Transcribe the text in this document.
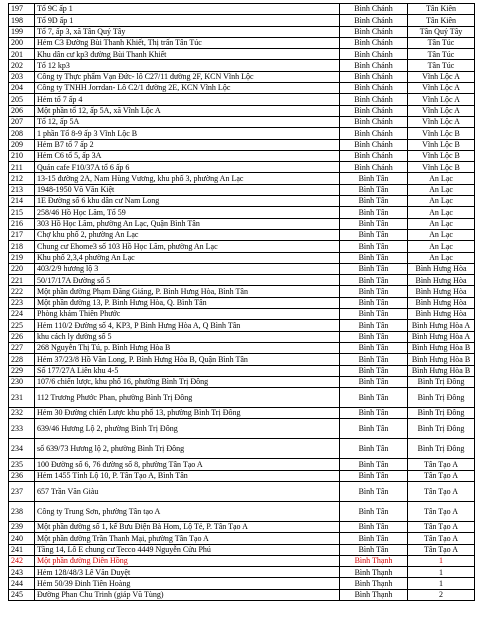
197	Tổ 9C ấp 1	Bình Chánh	Tân Kiên
198	Tổ 9D ấp 1	Bình Chánh	Tân Kiên
199	Tổ 7, ấp 3, xã Tân Quý Tây	Bình Chánh	Tân Quý Tây
200	Hẻm C3 Đường Bùi Thanh Khiết, Thị trấn Tân Túc	Bình Chánh	Tân Túc
201	Khu dân cư kp3 đường Bùi Thanh Khiết	Bình Chánh	Tân Túc
202	Tổ 12 kp3	Bình Chánh	Tân Túc
203	Công ty Thực phẩm Vạn Đức- lô C27/11 đường 2F, KCN Vĩnh Lộc	Bình Chánh	Vĩnh Lộc A
204	Công ty TNHH Jorrdan- Lô C2/1 đường 2E, KCN Vĩnh Lộc	Bình Chánh	Vĩnh Lộc A
205	Hẻm tổ 7 ấp 4	Bình Chánh	Vĩnh Lộc A
206	Một phần tổ 12, ấp 5A, xã Vĩnh Lộc A	Bình Chánh	Vĩnh Lộc A
207	Tổ 12, ấp 5A	Bình Chánh	Vĩnh Lộc A
208	1 phần Tổ 8-9 ấp 3 Vĩnh Lộc B	Bình Chánh	Vĩnh Lộc B
209	Hẻm B7 tổ 7 ấp 2	Bình Chánh	Vĩnh Lộc B
210	Hẻm C6 tổ 5, ấp 3A	Bình Chánh	Vĩnh Lộc B
211	Quán cafe F10/37A tổ 6 ấp 6	Bình Chánh	Vĩnh Lộc B
212	13-15 đường 2A, Nam Hùng Vương, khu phố 3, phường An Lạc	Bình Tân	An Lạc
213	1948-1950 Võ Văn Kiệt	Bình Tân	An Lạc
214	1E Đường số 6 khu dân cư Nam Long	Bình Tân	An Lạc
215	258/46 Hồ Học Lãm, Tổ 59	Bình Tân	An Lạc
216	303 Hồ Học Lãm, phường An Lạc, Quận Bình Tân	Bình Tân	An Lạc
217	Chợ khu phố 2, phường An Lạc	Bình Tân	An Lạc
218	Chung cư Ehome3 số 103 Hồ Học Lãm, phường An Lạc	Bình Tân	An Lạc
219	Khu phố 2,3,4 phường An Lạc	Bình Tân	An Lạc
220	403/2/9 hương lộ 3	Bình Tân	Bình Hưng Hòa
221	50/17/17A Đường số 5	Bình Tân	Bình Hưng Hòa
222	Một phần đường Phạm Đăng Giảng, P. Bình Hưng Hòa, Bình Tân	Bình Tân	Bình Hưng Hòa
223	Một phần đường 13, P. Bình Hưng Hòa, Q. Bình Tân	Bình Tân	Bình Hưng Hòa
224	Phòng khám Thiên Phước	Bình Tân	Bình Hưng Hòa
225	Hẻm 110/2 Đường số 4, KP3, P Bình Hưng Hòa A, Q Bình Tân	Bình Tân	Bình Hưng Hòa A
226	khu cách ly đường số 5	Bình Tân	Bình Hưng Hòa A
227	268 Nguyễn Thị Tú, p. Bình Hưng Hòa B	Bình Tân	Bình Hưng Hòa B
228	Hẻm 37/23/8 Hồ Văn Long, P. Bình Hưng Hòa B, Quận Bình Tân	Bình Tân	Bình Hưng Hòa B
229	Số 177/27A Liên khu 4-5	Bình Tân	Bình Hưng Hòa B
230	107/6 chiến lược, khu phố 16, phường Bình Trị Đông	Bình Tân	Bình Trị Đông
231	112 Trương Phước Phan, phường Bình Trị Đông	Bình Tân	Bình Trị Đông
232	Hẻm 30 Đường chiến Lược khu phố 13, phường Bình Trị Đông	Bình Tân	Bình Trị Đông
233	639/46 Hương Lộ 2, phường Bình Trị Đông	Bình Tân	Bình Trị Đông
234	số 639/73 Hương lộ 2, phường Bình Trị Đông	Bình Tân	Bình Trị Đông
235	100 Đường số 6, 76 đường số 8, phường Tân Tạo A	Bình Tân	Tân Tạo A
236	Hẻm 1455 Tỉnh Lộ 10, P. Tân Tạo A, Bình Tân	Bình Tân	Tân Tạo A
237	657 Trần Văn Giàu	Bình Tân	Tân Tạo A
238	Công ty Trung Sơn, phường Tân tạo A	Bình Tân	Tân Tạo A
239	Một phần đường số 1, kế Bưu Điện Bà Hom, Lộ Tẻ, P. Tân Tạo A	Bình Tân	Tân Tạo A
240	Một phần đường Trần Thanh Mại, phường Tân Tạo A	Bình Tân	Tân Tạo A
241	Tầng 14, Lô E chung cư Tecco 4449 Nguyễn Cửu Phú	Bình Tân	Tân Tạo A
242	Một phần đường Diên Hồng	Bình Thạnh	1
243	Hẻm 128/48/3 Lê Văn Duyệt	Bình Thạnh	1
244	Hẻm 50/39 Đinh Tiên Hoàng	Bình Thạnh	1
245	Đường Phan Chu Trinh (giáp Vũ Tùng)	Bình Thạnh	2
